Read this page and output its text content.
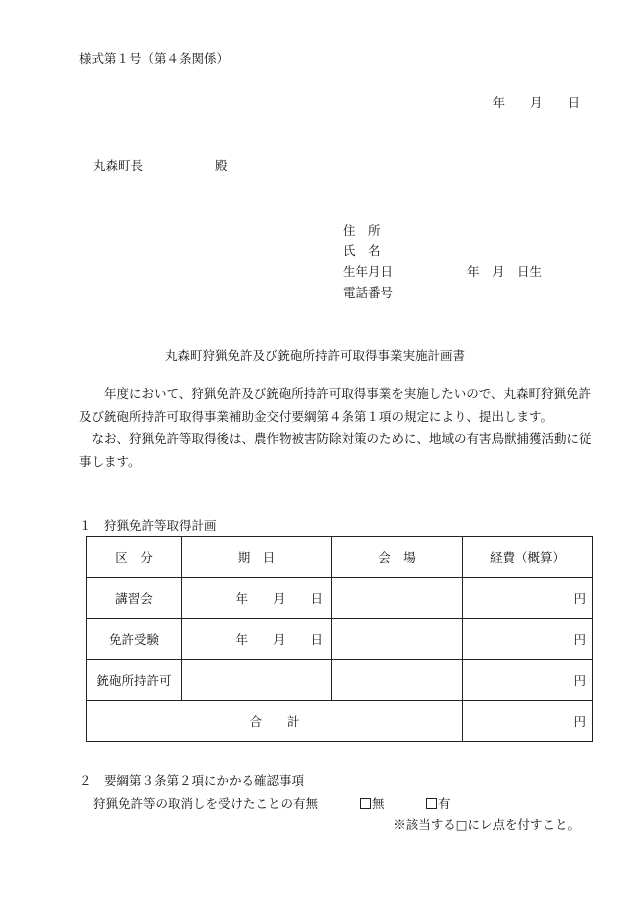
様式第１号（第４条関係）
年　　月　　日
丸森町長	殿
住　所
氏　名
生年月日	年　月　日生
電話番号
丸森町狩猟免許及び銃砲所持許可取得事業実施計画書

　　年度において、狩猟免許及び銃砲所持許可取得事業を実施したいので、丸森町狩猟免許及び銃砲所持許可取得事業補助金交付要綱第４条第１項の規定により、提出します。

　なお、狩猟免許等取得後は、農作物被害防除対策のために、地域の有害鳥獣捕獲活動に従事します。

１　狩猟免許等取得計画
区　分	期　日	会　場	経費（概算）
講習会	年　　月　　日		円
免許受験	年　　月　　日		円
銃砲所持許可			円
合　　計			円
２　要綱第３条第２項にかかる確認事項
狩猟免許等の取消しを受けたことの有無	無	有
※該当する□にレ点を付すこと。
